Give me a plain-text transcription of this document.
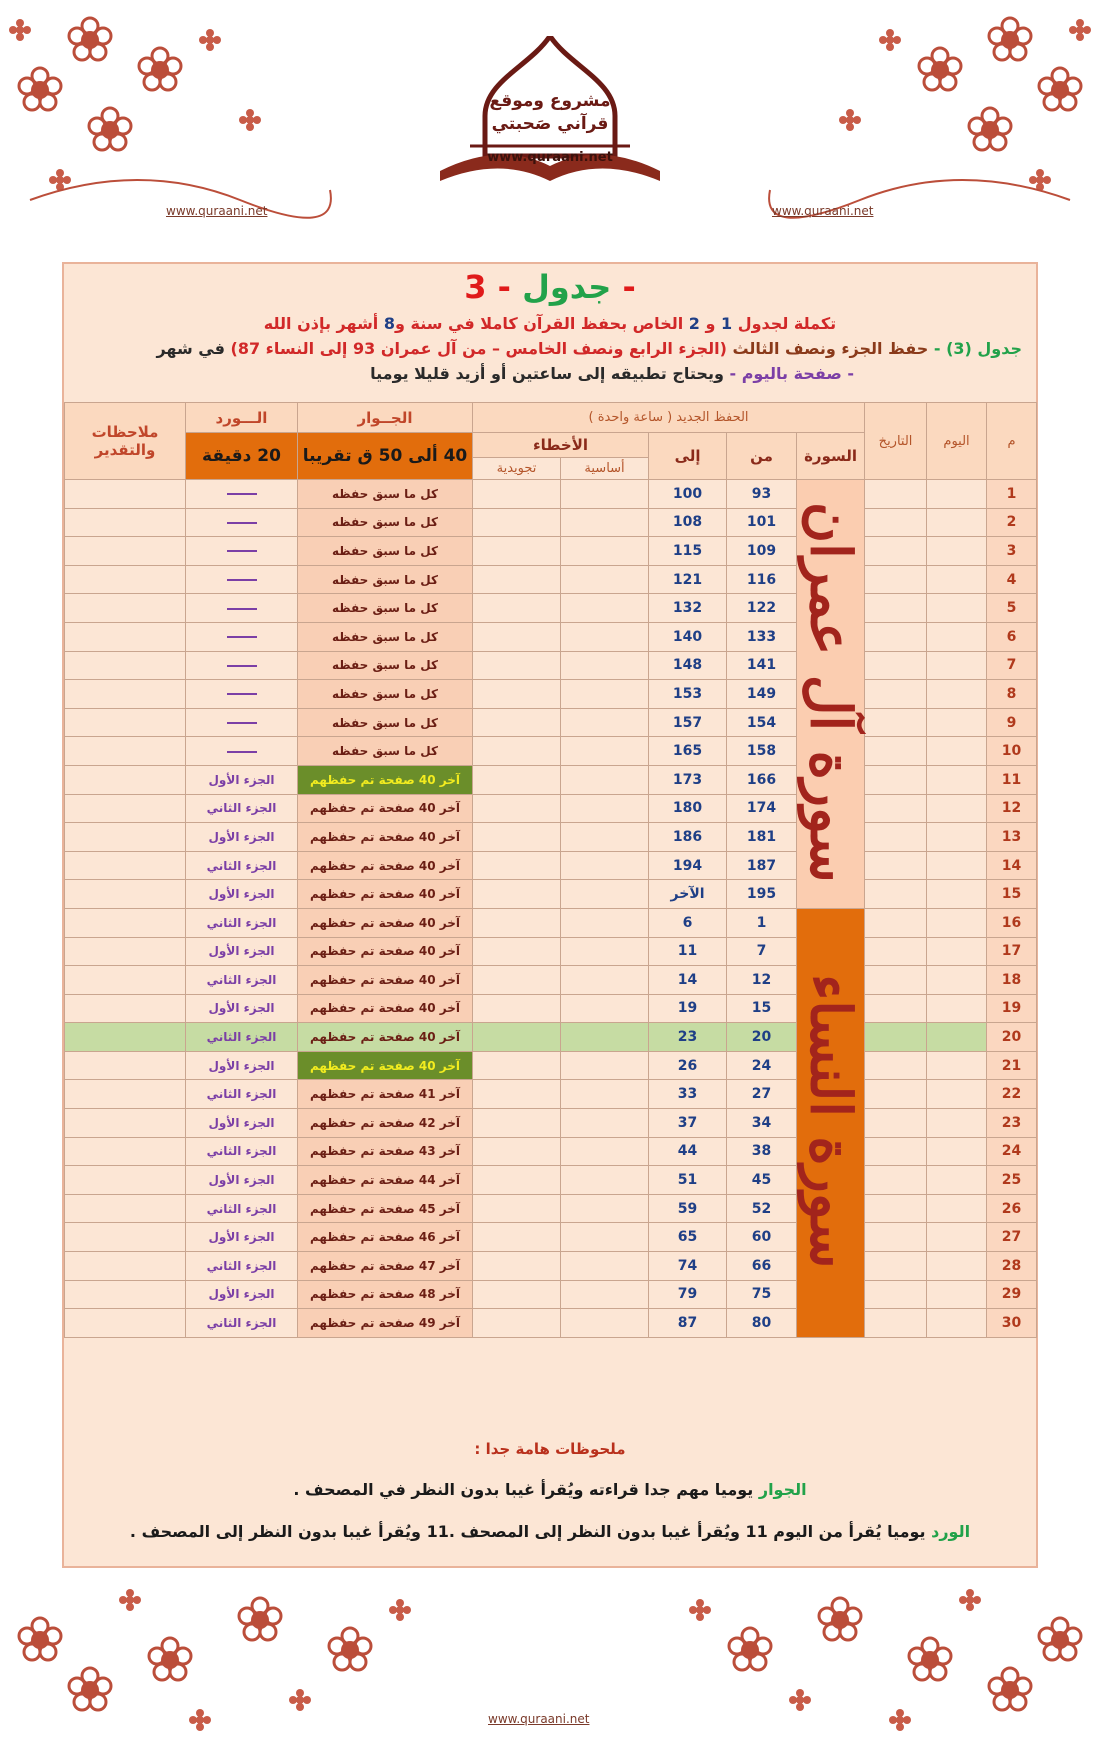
مشروع وموقع
قرآني صَحبتي
www.quraani.net
www.quraani.net	www.quraani.net
www.quraani.net
جدول - 3 -
تكملة لجدول 1 و 2 الخاص بحفظ القرآن كاملا في سنة و8 أشهر بإذن الله
جدول (3) - حفظ الجزء ونصف الثالث (الجزء الرابع ونصف الخامس – من آل عمران 93 إلى النساء 87) في شهر
- صفحة باليوم - ويحتاج تطبيقه إلى ساعتين أو أزيد قليلا يوميا
م	اليوم	التاريخ	الحفظ الجديد ( ساعة واحدة )					الجــوار	الـــورد	ملاحظات والتقدير
			السورة	من	إلى	الأخطاء		40 ألى 50 ق تقريبا	20 دقيقة	
						أساسية	تجويدية			
1			سورة آل عمران	93	100			كل ما سبق حفظه		
2				101	108			كل ما سبق حفظه		
3				109	115			كل ما سبق حفظه		
4				116	121			كل ما سبق حفظه		
5				122	132			كل ما سبق حفظه		
6				133	140			كل ما سبق حفظه		
7				141	148			كل ما سبق حفظه		
8				149	153			كل ما سبق حفظه		
9				154	157			كل ما سبق حفظه		
10				158	165			كل ما سبق حفظه		
11				166	173			آخر 40 صفحة تم حفظهم	الجزء الأول	
12				174	180			آخر 40 صفحة تم حفظهم	الجزء الثاني	
13				181	186			آخر 40 صفحة تم حفظهم	الجزء الأول	
14				187	194			آخر 40 صفحة تم حفظهم	الجزء الثاني	
15				195	الآخر			آخر 40 صفحة تم حفظهم	الجزء الأول	
16			سورة النساء	1	6			آخر 40 صفحة تم حفظهم	الجزء الثاني	
17				7	11			آخر 40 صفحة تم حفظهم	الجزء الأول	
18				12	14			آخر 40 صفحة تم حفظهم	الجزء الثاني	
19				15	19			آخر 40 صفحة تم حفظهم	الجزء الأول	
20				20	23			آخر 40 صفحة تم حفظهم	الجزء الثاني	
21				24	26			آخر 40 صفحة تم حفظهم	الجزء الأول	
22				27	33			آخر 41 صفحة تم حفظهم	الجزء الثاني	
23				34	37			آخر 42 صفحة تم حفظهم	الجزء الأول	
24				38	44			آخر 43 صفحة تم حفظهم	الجزء الثاني	
25				45	51			آخر 44 صفحة تم حفظهم	الجزء الأول	
26				52	59			آخر 45 صفحة تم حفظهم	الجزء الثاني	
27				60	65			آخر 46 صفحة تم حفظهم	الجزء الأول	
28				66	74			آخر 47 صفحة تم حفظهم	الجزء الثاني	
29				75	79			آخر 48 صفحة تم حفظهم	الجزء الأول	
30				80	87			آخر 49 صفحة تم حفظهم	الجزء الثاني	
ملحوظات هامة جدا :
الجوار يوميا مهم جدا قراءته ويُقرأ غيبا بدون النظر في المصحف .
الورد يوميا يُقرأ من اليوم 11 ويُقرأ غيبا بدون النظر إلى المصحف .11 ويُقرأ غيبا بدون النظر إلى المصحف .
